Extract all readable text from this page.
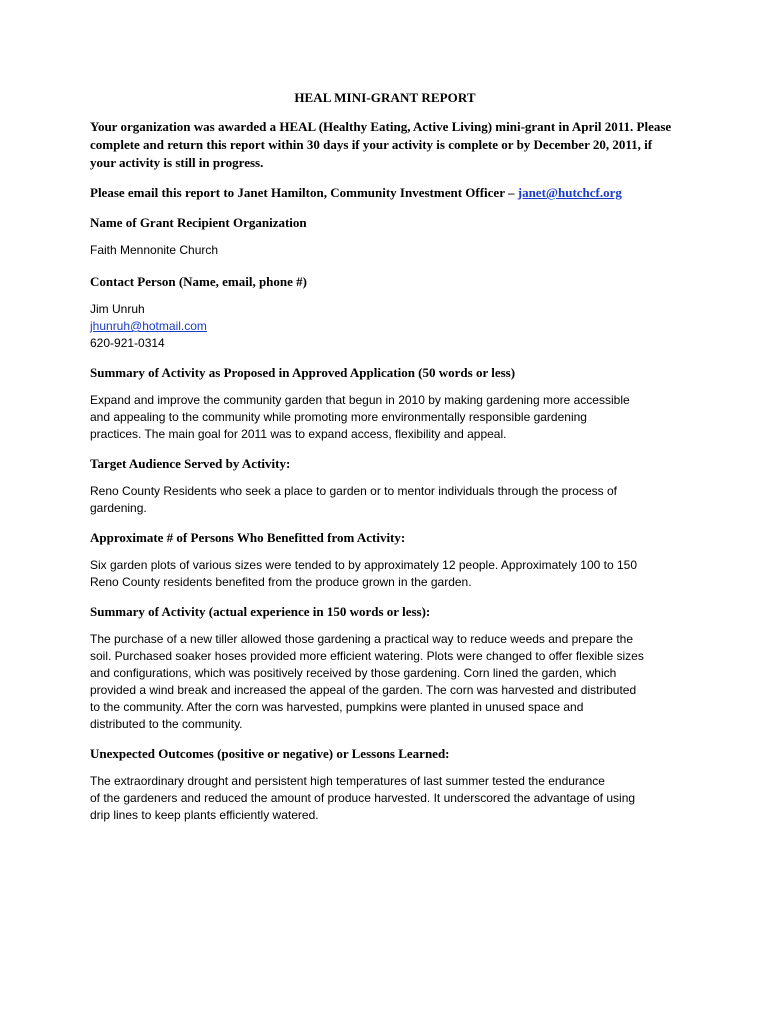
HEAL MINI-GRANT REPORT

Your organization was awarded a HEAL (Healthy Eating, Active Living) mini-grant in April 2011. Please complete and return this report within 30 days if your activity is complete or by December 20, 2011, if your activity is still in progress.

Please email this report to Janet Hamilton, Community Investment Officer – janet@hutchcf.org

Name of Grant Recipient Organization

Faith Mennonite Church

Contact Person (Name, email, phone #)

Jim Unruh
jhunruh@hotmail.com
620-921-0314

Summary of Activity as Proposed in Approved Application (50 words or less)

Expand and improve the community garden that begun in 2010 by making gardening more accessible
and appealing to the community while promoting more environmentally responsible gardening
practices. The main goal for 2011 was to expand access, flexibility and appeal.

Target Audience Served by Activity:

Reno County Residents who seek a place to garden or to mentor individuals through the process of
gardening.

Approximate # of Persons Who Benefitted from Activity:

Six garden plots of various sizes were tended to by approximately 12 people. Approximately 100 to 150
Reno County residents benefited from the produce grown in the garden.

Summary of Activity (actual experience in 150 words or less):

The purchase of a new tiller allowed those gardening a practical way to reduce weeds and prepare the
soil. Purchased soaker hoses provided more efficient watering. Plots were changed to offer flexible sizes
and configurations, which was positively received by those gardening. Corn lined the garden, which
provided a wind break and increased the appeal of the garden. The corn was harvested and distributed
to the community. After the corn was harvested, pumpkins were planted in unused space and
distributed to the community.

Unexpected Outcomes (positive or negative) or Lessons Learned:

The extraordinary drought and persistent high temperatures of last summer tested the endurance
of the gardeners and reduced the amount of produce harvested. It underscored the advantage of using
drip lines to keep plants efficiently watered.
